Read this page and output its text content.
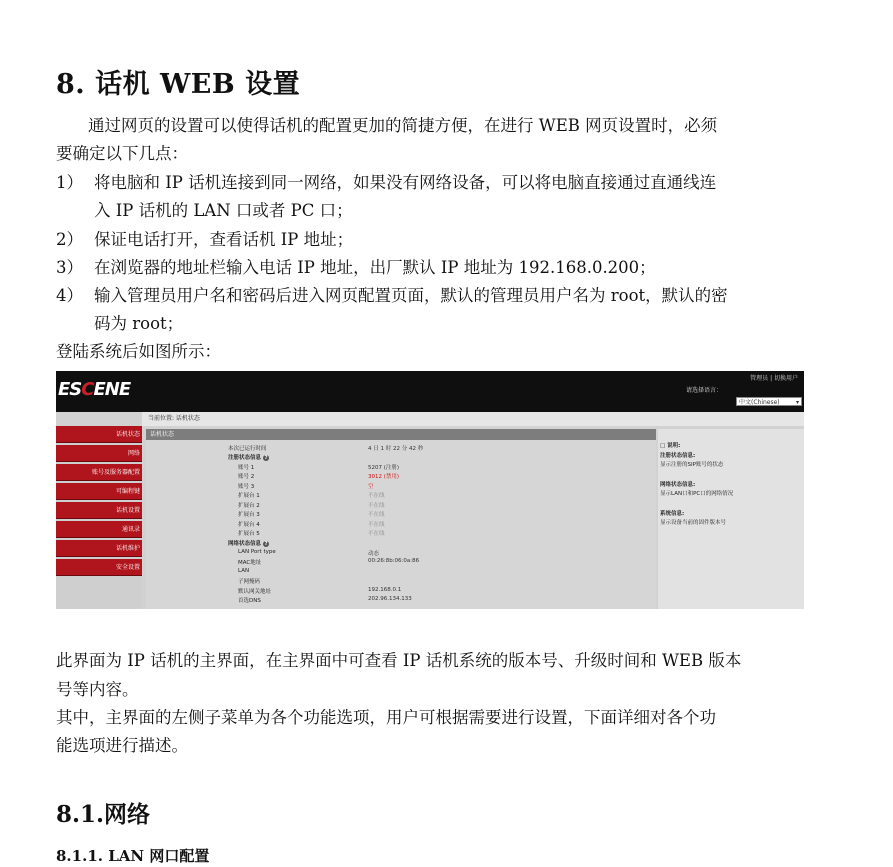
8. 话机 WEB 设置
通过网页的设置可以使得话机的配置更加的简捷方便，在进行 WEB 网页设置时，必须
要确定以下几点：
1） 将电脑和 IP 话机连接到同一网络，如果没有网络设备，可以将电脑直接通过直通线连
入 IP 话机的 LAN 口或者 PC 口；
2） 保证电话打开，查看话机 IP 地址；
3） 在浏览器的地址栏输入电话 IP 地址，出厂默认 IP 地址为 192.168.0.200；
4） 输入管理员用户名和密码后进入网页配置页面，默认的管理员用户名为 root，默认的密
码为 root；
登陆系统后如图所示：
ESCENE
管理员 | 切换用户
请选择语言：
中文(Chinese)	▾
当前位置: 话机状态
话机状态
网络
账号及服务器配置
可编程键
话机设置
通讯录
话机维护
安全设置
话机状态
本次已运行时间	4 日 1 时 22 分 42 秒
注册状态信息 ?
账号 1	5207 (注册)
账号 2	3012 (禁用)
账号 3	空
扩展台 1	不在线
扩展台 2	不在线
扩展台 3	不在线
扩展台 4	不在线
扩展台 5	不在线
网络状态信息 ?
LAN Port type	动态
MAC地址	00:26:8b:06:0a:86
LAN
子网掩码
默认网关地址	192.168.0.1
首选DNS	202.96.134.133
□ 说明:
注册状态信息:
显示注册的SIP账号的状态
网络状态信息:
显示LAN口和PC口的网络情况
系统信息:
显示设备当前的固件版本号
此界面为 IP 话机的主界面，在主界面中可查看 IP 话机系统的版本号、升级时间和 WEB 版本
号等内容。
其中，主界面的左侧子菜单为各个功能选项，用户可根据需要进行设置，下面详细对各个功
能选项进行描述。
8.1.网络
8.1.1. LAN 网口配置
